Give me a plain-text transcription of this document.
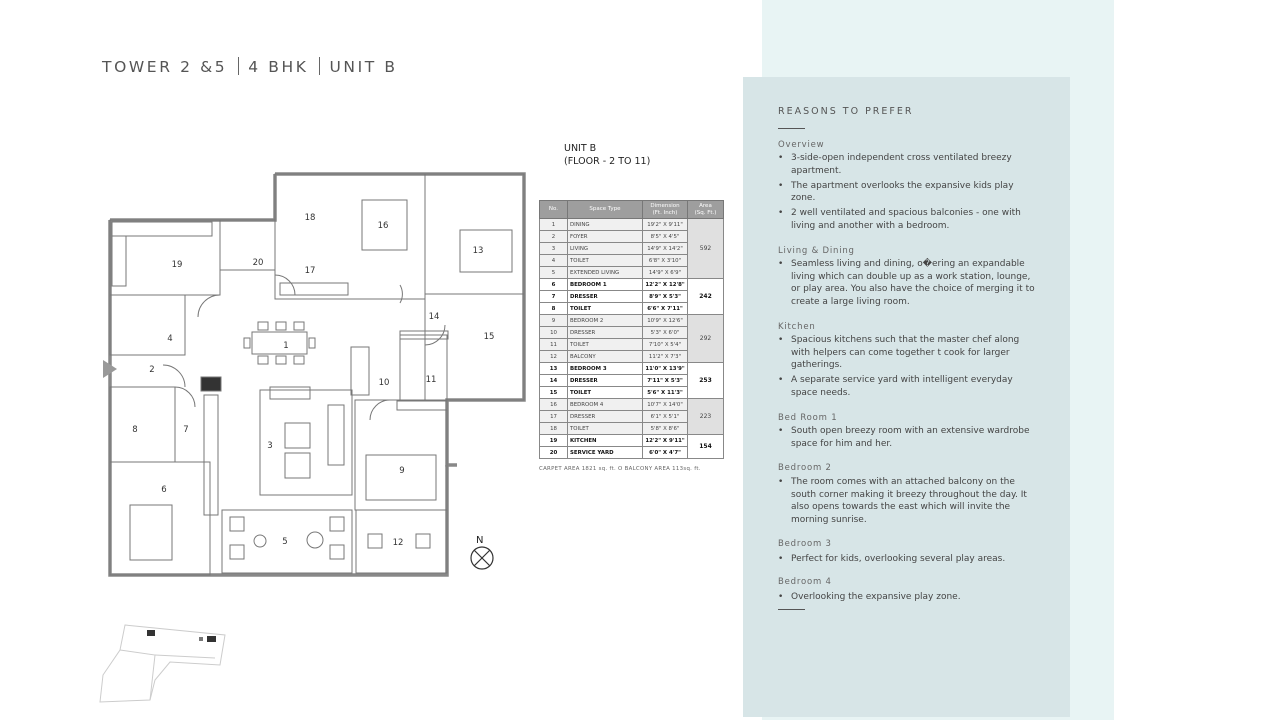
TOWER 2 &5 4 BHK UNIT B
UNIT B
(FLOOR - 2 TO 11)
1
2
3
4
5
6
7
8
9
10	11
12
13
14
15
16
17
18
19	20
N
No.	Space Type	Dimension
(Ft. Inch)	Area
(Sq. Ft.)
1	DINING	19'2" X 9'11"	592
2	FOYER	8'5" X 4'5"	
3	LIVING	14'9" X 14'2"	
4	TOILET	6'8" X 3'10"	
5	EXTENDED LIVING	14'9" X 6'9"	
6	BEDROOM 1	12'2" X 12'8"	242
7	DRESSER	8'9" X 5'3"	
8	TOILET	6'6" X 7'11"	
9	BEDROOM 2	10'9" X 12'6"	292
10	DRESSER	5'3" X 6'0"	
11	TOILET	7'10" X 5'4"	
12	BALCONY	11'2" X 7'3"	
13	BEDROOM 3	11'0" X 13'9"	253
14	DRESSER	7'11" X 5'3"	
15	TOILET	5'6" X 11'3"	
16	BEDROOM 4	10'7" X 14'0"	223
17	DRESSER	6'1" X 5'1"	
18	TOILET	5'8" X 8'6"	
19	KITCHEN	12'2" X 9'11"	154
20	SERVICE YARD	6'0" X 4'7"	
CARPET AREA 1821 sq. ft. O BALCONY AREA 113sq. ft.
REASONS TO PREFER
Overview
• 3-side-open independent cross ventilated breezy apartment.
• The apartment overlooks the expansive kids play zone.
• 2 well ventilated and spacious balconies - one with living and another with a bedroom.
Living & Dining
• Seamless living and dining, o�ering an expandable living which can double up as a work station, lounge, or play area. You also have the choice of merging it to create a large living room.
Kitchen
• Spacious kitchens such that the master chef along with helpers can come together t cook for larger gatherings.
• A separate service yard with intelligent everyday space needs.
Bed Room 1
• South open breezy room with an extensive wardrobe space for him and her.
Bedroom 2
• The room comes with an attached balcony on the south corner making it breezy throughout the day. It also opens towards the east which will invite the morning sunrise.
Bedroom 3
• Perfect for kids, overlooking several play areas.
Bedroom 4
• Overlooking the expansive play zone.
